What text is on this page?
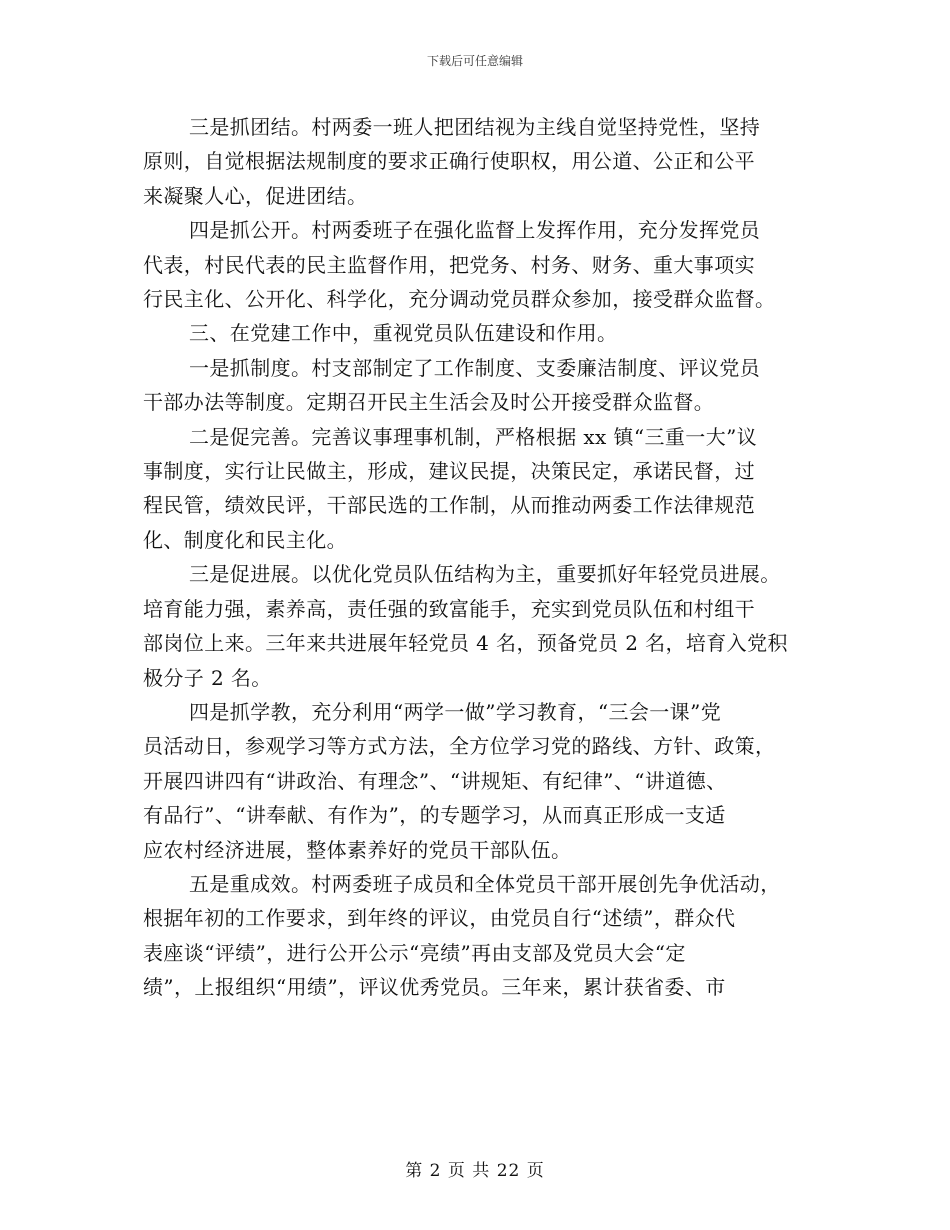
下载后可任意编辑
三是抓团结。村两委一班人把团结视为主线自觉坚持党性，坚持
原则，自觉根据法规制度的要求正确行使职权，用公道、公正和公平
来凝聚人心，促进团结。
四是抓公开。村两委班子在强化监督上发挥作用，充分发挥党员
代表，村民代表的民主监督作用，把党务、村务、财务、重大事项实
行民主化、公开化、科学化，充分调动党员群众参加，接受群众监督。
三、在党建工作中，重视党员队伍建设和作用。
一是抓制度。村支部制定了工作制度、支委廉洁制度、评议党员
干部办法等制度。定期召开民主生活会及时公开接受群众监督。
二是促完善。完善议事理事机制，严格根据 xx 镇“三重一大”议
事制度，实行让民做主，形成，建议民提，决策民定，承诺民督，过
程民管，绩效民评，干部民选的工作制，从而推动两委工作法律规范
化、制度化和民主化。
三是促进展。以优化党员队伍结构为主，重要抓好年轻党员进展。
培育能力强，素养高，责任强的致富能手，充实到党员队伍和村组干
部岗位上来。三年来共进展年轻党员 4 名，预备党员 2 名，培育入党积
极分子 2 名。
四是抓学教，充分利用“两学一做”学习教育，“三会一课”党
员活动日，参观学习等方式方法，全方位学习党的路线、方针、政策，
开展四讲四有“讲政治、有理念”、“讲规矩、有纪律”、“讲道德、
有品行”、“讲奉献、有作为”，的专题学习，从而真正形成一支适
应农村经济进展，整体素养好的党员干部队伍。
五是重成效。村两委班子成员和全体党员干部开展创先争优活动，
根据年初的工作要求，到年终的评议，由党员自行“述绩”，群众代
表座谈“评绩”，进行公开公示“亮绩”再由支部及党员大会“定
绩”，上报组织“用绩”，评议优秀党员。三年来，累计获省委、市
第 2 页 共 22 页
